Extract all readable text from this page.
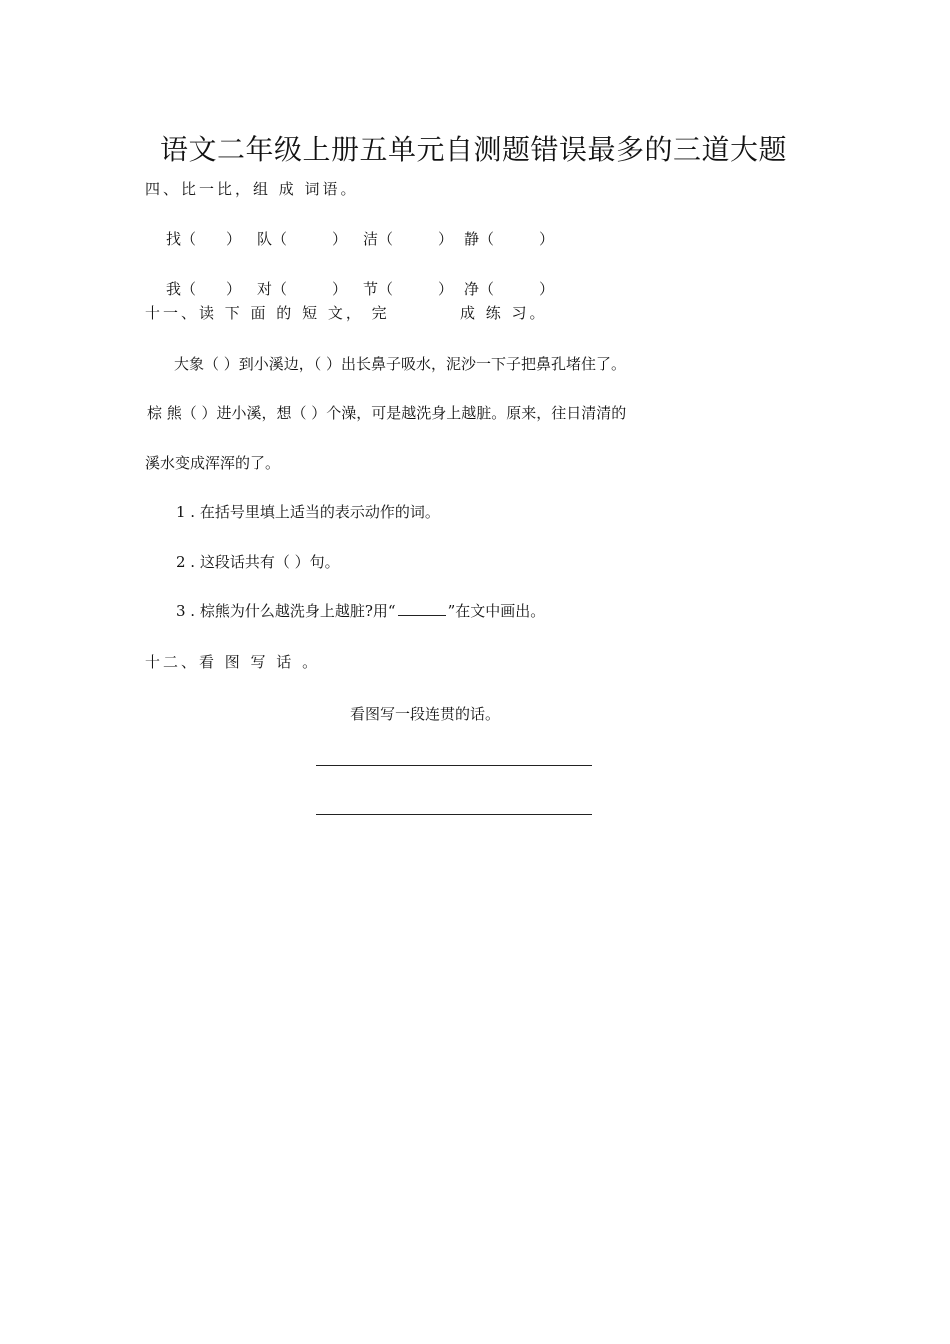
语文二年级上册五单元自测题错误最多的三道大题
四、比一比，组 成 词语。
找（　　） 队（　　　） 洁（　　　） 静（　　　）
我（　　） 对（　　　） 节（　　　） 净（　　　）
十一、读 下 面 的 短 文， 完	成 练 习。
大象（ ）到小溪边，（ ）出长鼻子吸水，泥沙一下子把鼻孔堵住了。
棕 熊（ ）进小溪，想（ ）个澡，可是越洗身上越脏。原来，往日清清的
溪水变成浑浑的了。
1 . 在括号里填上适当的表示动作的词。
2 . 这段话共有（ ）句。
3 . 棕熊为什么越洗身上越脏?用“	”在文中画出。
十二、看 图 写 话 。
看图写一段连贯的话。
